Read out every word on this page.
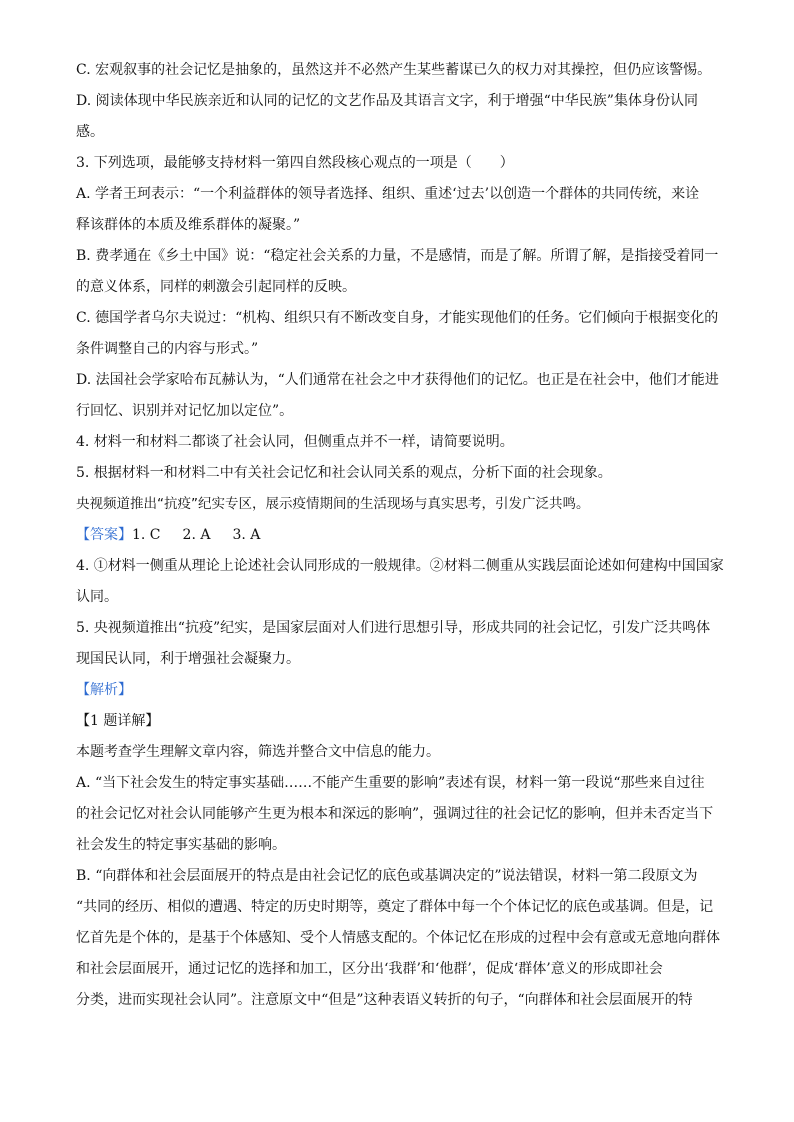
C. 宏观叙事的社会记忆是抽象的，虽然这并不必然产生某些蓄谋已久的权力对其操控，但仍应该警惕。

D. 阅读体现中华民族亲近和认同的记忆的文艺作品及其语言文字，利于增强“中华民族”集体身份认同

感。

3. 下列选项，最能够支持材料一第四自然段核心观点的一项是（　　）

A. 学者王珂表示：“一个利益群体的领导者选择、组织、重述‘过去’以创造一个群体的共同传统，来诠

释该群体的本质及维系群体的凝聚。”

B. 费孝通在《乡土中国》说：“稳定社会关系的力量，不是感情，而是了解。所谓了解，是指接受着同一

的意义体系，同样的刺激会引起同样的反映。

C. 德国学者乌尔夫说过：“机构、组织只有不断改变自身，才能实现他们的任务。它们倾向于根据变化的

条件调整自己的内容与形式。”

D. 法国社会学家哈布瓦赫认为，“人们通常在社会之中才获得他们的记忆。也正是在社会中，他们才能进

行回忆、识别并对记忆加以定位”。

4. 材料一和材料二都谈了社会认同，但侧重点并不一样，请简要说明。

5. 根据材料一和材料二中有关社会记忆和社会认同关系的观点，分析下面的社会现象。

央视频道推出“抗疫”纪实专区，展示疫情期间的生活现场与真实思考，引发广泛共鸣。

【答案】1. C 2. A 3. A

4. ①材料一侧重从理论上论述社会认同形成的一般规律。②材料二侧重从实践层面论述如何建构中国国家

认同。

5. 央视频道推出“抗疫”纪实，是国家层面对人们进行思想引导，形成共同的社会记忆，引发广泛共鸣体

现国民认同，利于增强社会凝聚力。

【解析】

【1 题详解】

本题考查学生理解文章内容，筛选并整合文中信息的能力。

A. “当下社会发生的特定事实基础……不能产生重要的影响”表述有误，材料一第一段说“那些来自过往

的社会记忆对社会认同能够产生更为根本和深远的影响”，强调过往的社会记忆的影响，但并未否定当下

社会发生的特定事实基础的影响。

B. “向群体和社会层面展开的特点是由社会记忆的底色或基调决定的”说法错误，材料一第二段原文为

“共同的经历、相似的遭遇、特定的历史时期等，奠定了群体中每一个个体记忆的底色或基调。但是，记

忆首先是个体的，是基于个体感知、受个人情感支配的。个体记忆在形成的过程中会有意或无意地向群体

和社会层面展开，通过记忆的选择和加工，区分出‘我群’和‘他群’，促成‘群体’意义的形成即社会

分类，进而实现社会认同”。注意原文中“但是”这种表语义转折的句子，“向群体和社会层面展开的特
